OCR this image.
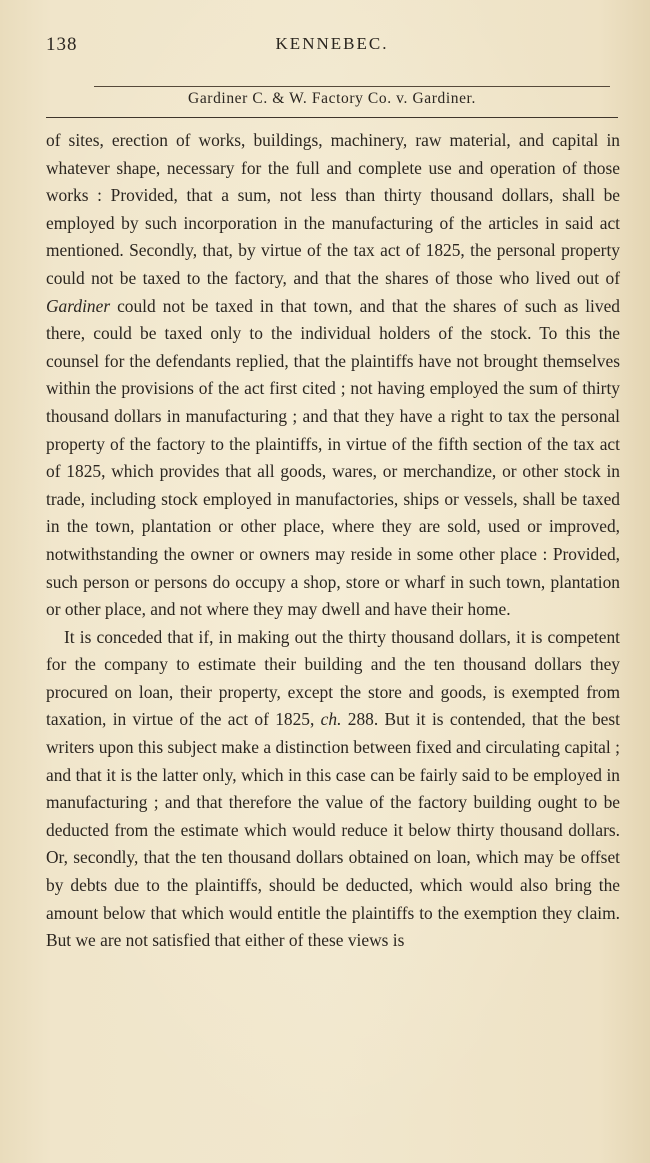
138	KENNEBEC.
Gardiner C. & W. Factory Co. v. Gardiner.

of sites, erection of works, buildings, machinery, raw material, and capital in whatever shape, necessary for the full and complete use and operation of those works : Provided, that a sum, not less than thirty thousand dollars, shall be employed by such incorporation in the manufacturing of the articles in said act mentioned. Secondly, that, by virtue of the tax act of 1825, the personal property could not be taxed to the factory, and that the shares of those who lived out of Gardiner could not be taxed in that town, and that the shares of such as lived there, could be taxed only to the individual holders of the stock. To this the counsel for the defendants replied, that the plaintiffs have not brought themselves within the provisions of the act first cited ; not having employed the sum of thirty thousand dollars in manufacturing ; and that they have a right to tax the personal property of the factory to the plaintiffs, in virtue of the fifth section of the tax act of 1825, which provides that all goods, wares, or merchandize, or other stock in trade, including stock employed in manufactories, ships or vessels, shall be taxed in the town, plantation or other place, where they are sold, used or improved, notwithstanding the owner or owners may reside in some other place : Provided, such person or persons do occupy a shop, store or wharf in such town, plantation or other place, and not where they may dwell and have their home.

It is conceded that if, in making out the thirty thousand dollars, it is competent for the company to estimate their building and the ten thousand dollars they procured on loan, their property, except the store and goods, is exempted from taxation, in virtue of the act of 1825, ch. 288. But it is contended, that the best writers upon this subject make a distinction between fixed and circulating capital ; and that it is the latter only, which in this case can be fairly said to be employed in manufacturing ; and that therefore the value of the factory building ought to be deducted from the estimate which would reduce it below thirty thousand dollars. Or, secondly, that the ten thousand dollars obtained on loan, which may be offset by debts due to the plaintiffs, should be deducted, which would also bring the amount below that which would entitle the plaintiffs to the exemption they claim. But we are not satisfied that either of these views is
